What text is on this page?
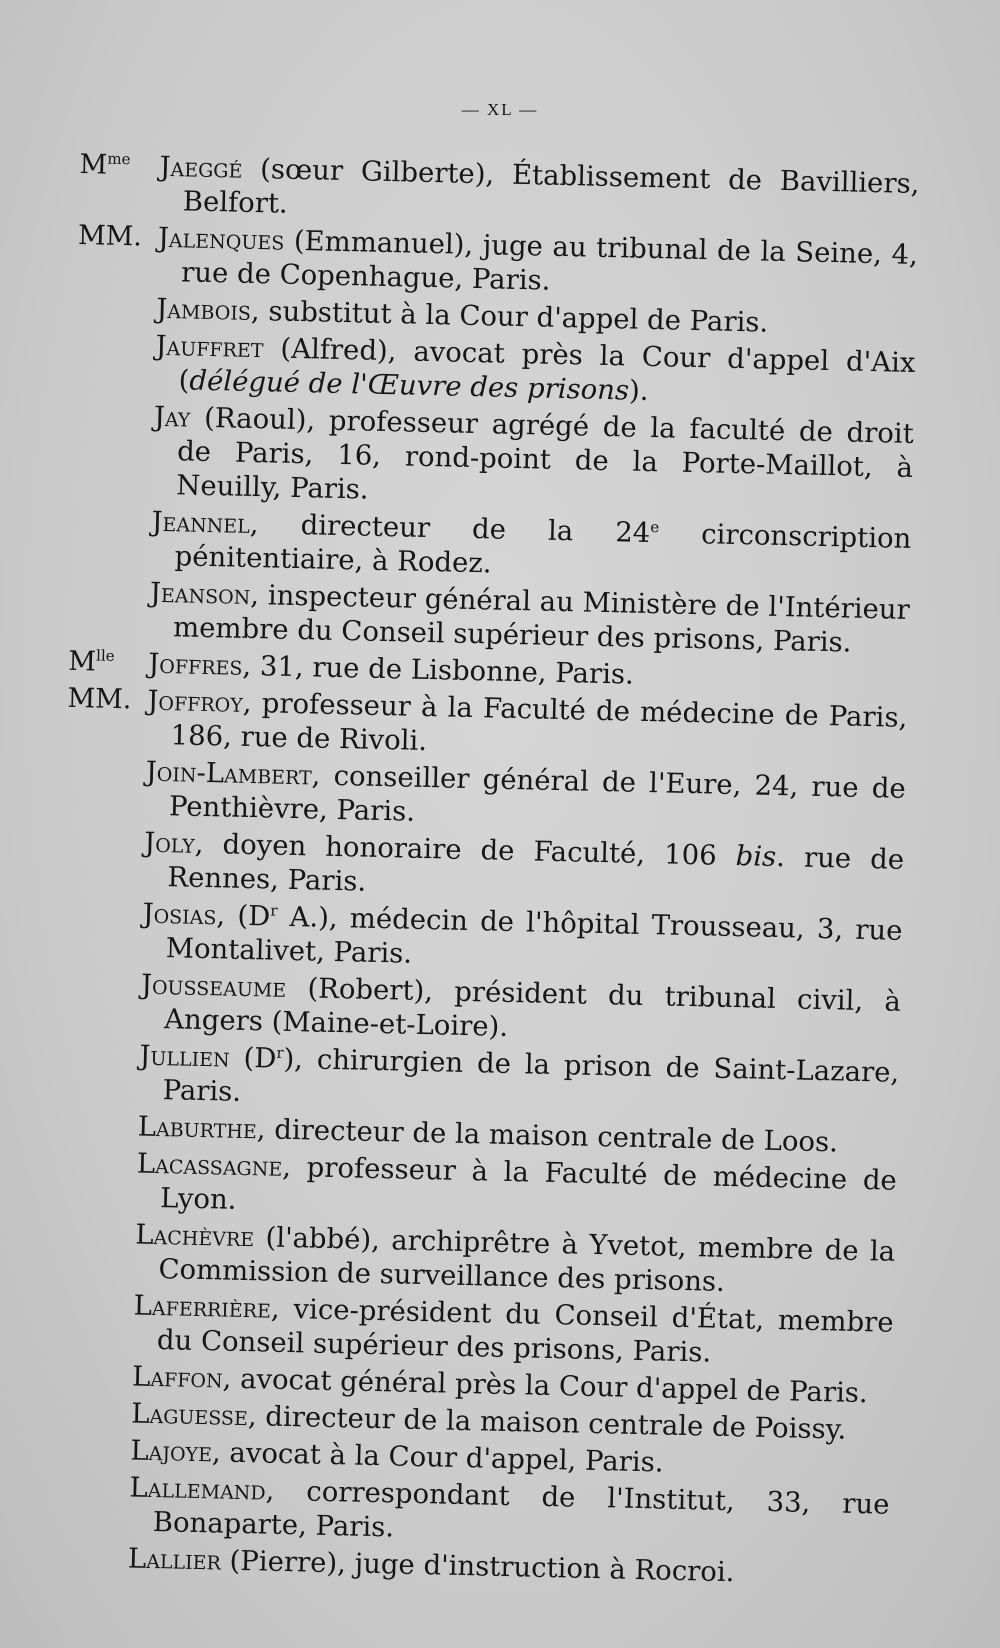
— XL —
$M^{me}$	Jaeggé (sœur Gilberte), Établissement de Bavilliers, Belfort.
MM. Jalenques (Emmanuel), juge au tribunal de la Seine, 4, rue de Copenhague, Paris.
Jambois, substitut à la Cour d'appel de Paris.
Jauffret (Alfred), avocat près la Cour d'appel d'Aix (délégué de l'Œuvre des prisons).
Jay (Raoul), professeur agrégé de la faculté de droit de Paris, 16, rond-point de la Porte-Maillot, à Neuilly, Paris.
Jeannel, directeur de la 24e circonscription pénitentiaire, à Rodez.
Jeanson, inspecteur général au Ministère de l'Intérieur membre du Conseil supérieur des prisons, Paris.
$M^{lle}$	Joffres, 31, rue de Lisbonne, Paris.
MM. Joffroy, professeur à la Faculté de médecine de Paris, 186, rue de Rivoli.
Join-Lambert, conseiller général de l'Eure, 24, rue de Penthièvre, Paris.
Joly, doyen honoraire de Faculté, 106 bis. rue de Rennes, Paris.
Josias, ($D^r$ A.), médecin de l'hôpital Trousseau, 3, rue Montalivet, Paris.
Jousseaume (Robert), président du tribunal civil, à Angers (Maine-et-Loire).
Jullien $(D^r)$, chirurgien de la prison de Saint-Lazare, Paris.
Laburthe, directeur de la maison centrale de Loos.
Lacassagne, professeur à la Faculté de médecine de Lyon.
Lachèvre (l'abbé), archiprêtre à Yvetot, membre de la Commission de surveillance des prisons.
Laferrière, vice-président du Conseil d'État, membre du Conseil supérieur des prisons, Paris.
Laffon, avocat général près la Cour d'appel de Paris.
Laguesse, directeur de la maison centrale de Poissy.
Lajoye, avocat à la Cour d'appel, Paris.
Lallemand, correspondant de l'Institut, 33, rue Bonaparte, Paris.
Lallier (Pierre), juge d'instruction à Rocroi.
